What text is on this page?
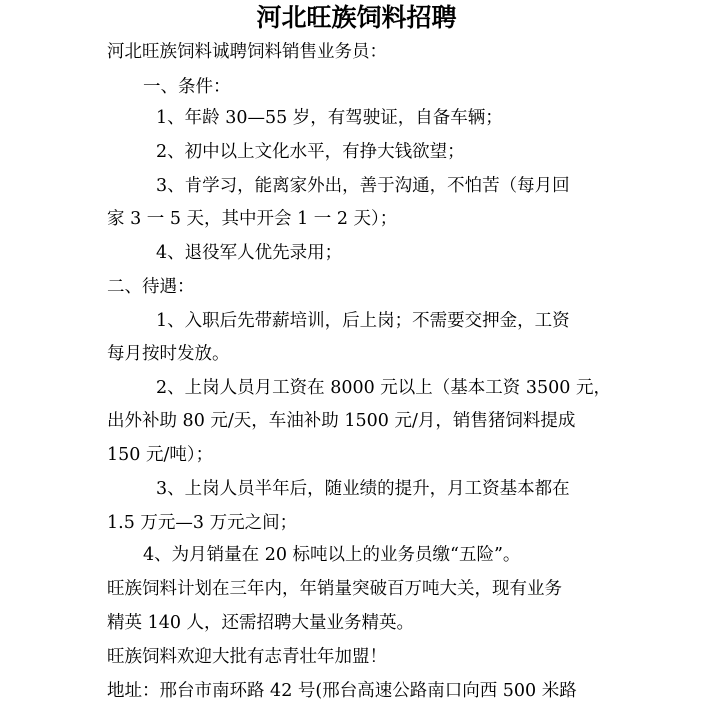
河北旺族饲料招聘
河北旺族饲料诚聘饲料销售业务员：
一、条件：
1、年龄 30—55 岁，有驾驶证，自备车辆；
2、初中以上文化水平，有挣大钱欲望；
3、肯学习，能离家外出，善于沟通，不怕苦（每月回
家 3 一 5 天，其中开会 1 一 2 天）；
4、退役军人优先录用；
二、待遇：
1、入职后先带薪培训，后上岗；不需要交押金，工资
每月按时发放。
2、上岗人员月工资在 8000 元以上（基本工资 3500 元，
出外补助 80 元/天，车油补助 1500 元/月，销售猪饲料提成
150 元/吨）；
3、上岗人员半年后，随业绩的提升，月工资基本都在
1.5 万元—3 万元之间；
4、为月销量在 20 标吨以上的业务员缴“五险”。
旺族饲料计划在三年内，年销量突破百万吨大关，现有业务
精英 140 人，还需招聘大量业务精英。
旺族饲料欢迎大批有志青壮年加盟！
地址：邢台市南环路 42 号(邢台高速公路南口向西 500 米路
